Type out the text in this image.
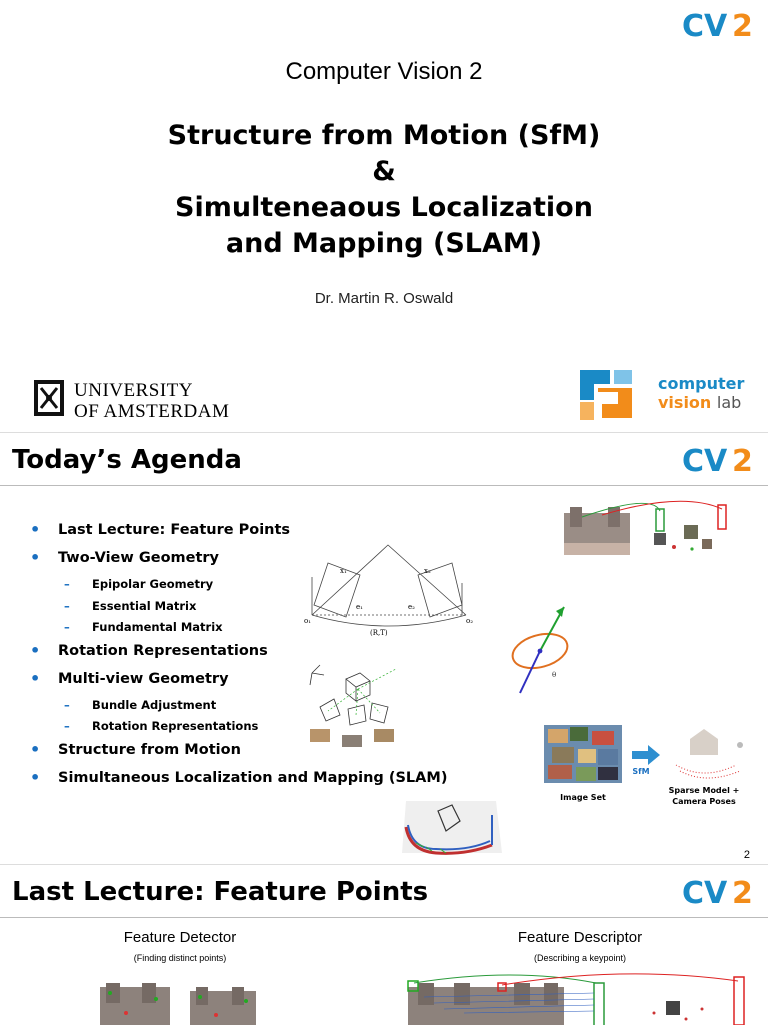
CV 2
Computer Vision 2
Structure from Motion (SfM)
&
Simulteneaous Localization
and Mapping (SLAM)
Dr. Martin R. Oswald
UNIVERSITY
OF AMSTERDAM
computer
vision lab
Today’s Agenda	CV 2
• Last Lecture: Feature Points
• Two-View Geometry
– Epipolar Geometry
– Essential Matrix
– Fundamental Matrix
• Rotation Representations
• Multi-view Geometry
– Bundle Adjustment
– Rotation Representations
• Structure from Motion
• Simultaneous Localization and Mapping (SLAM)
x₁	x₂
e₁	e₂
(R,T)
o₁	o₂
θ
Image Set
SfM
Sparse Model +
Camera Poses
2
Last Lecture: Feature Points	CV 2
Feature Detector
(Finding distinct points)
Feature Descriptor
(Describing a keypoint)
